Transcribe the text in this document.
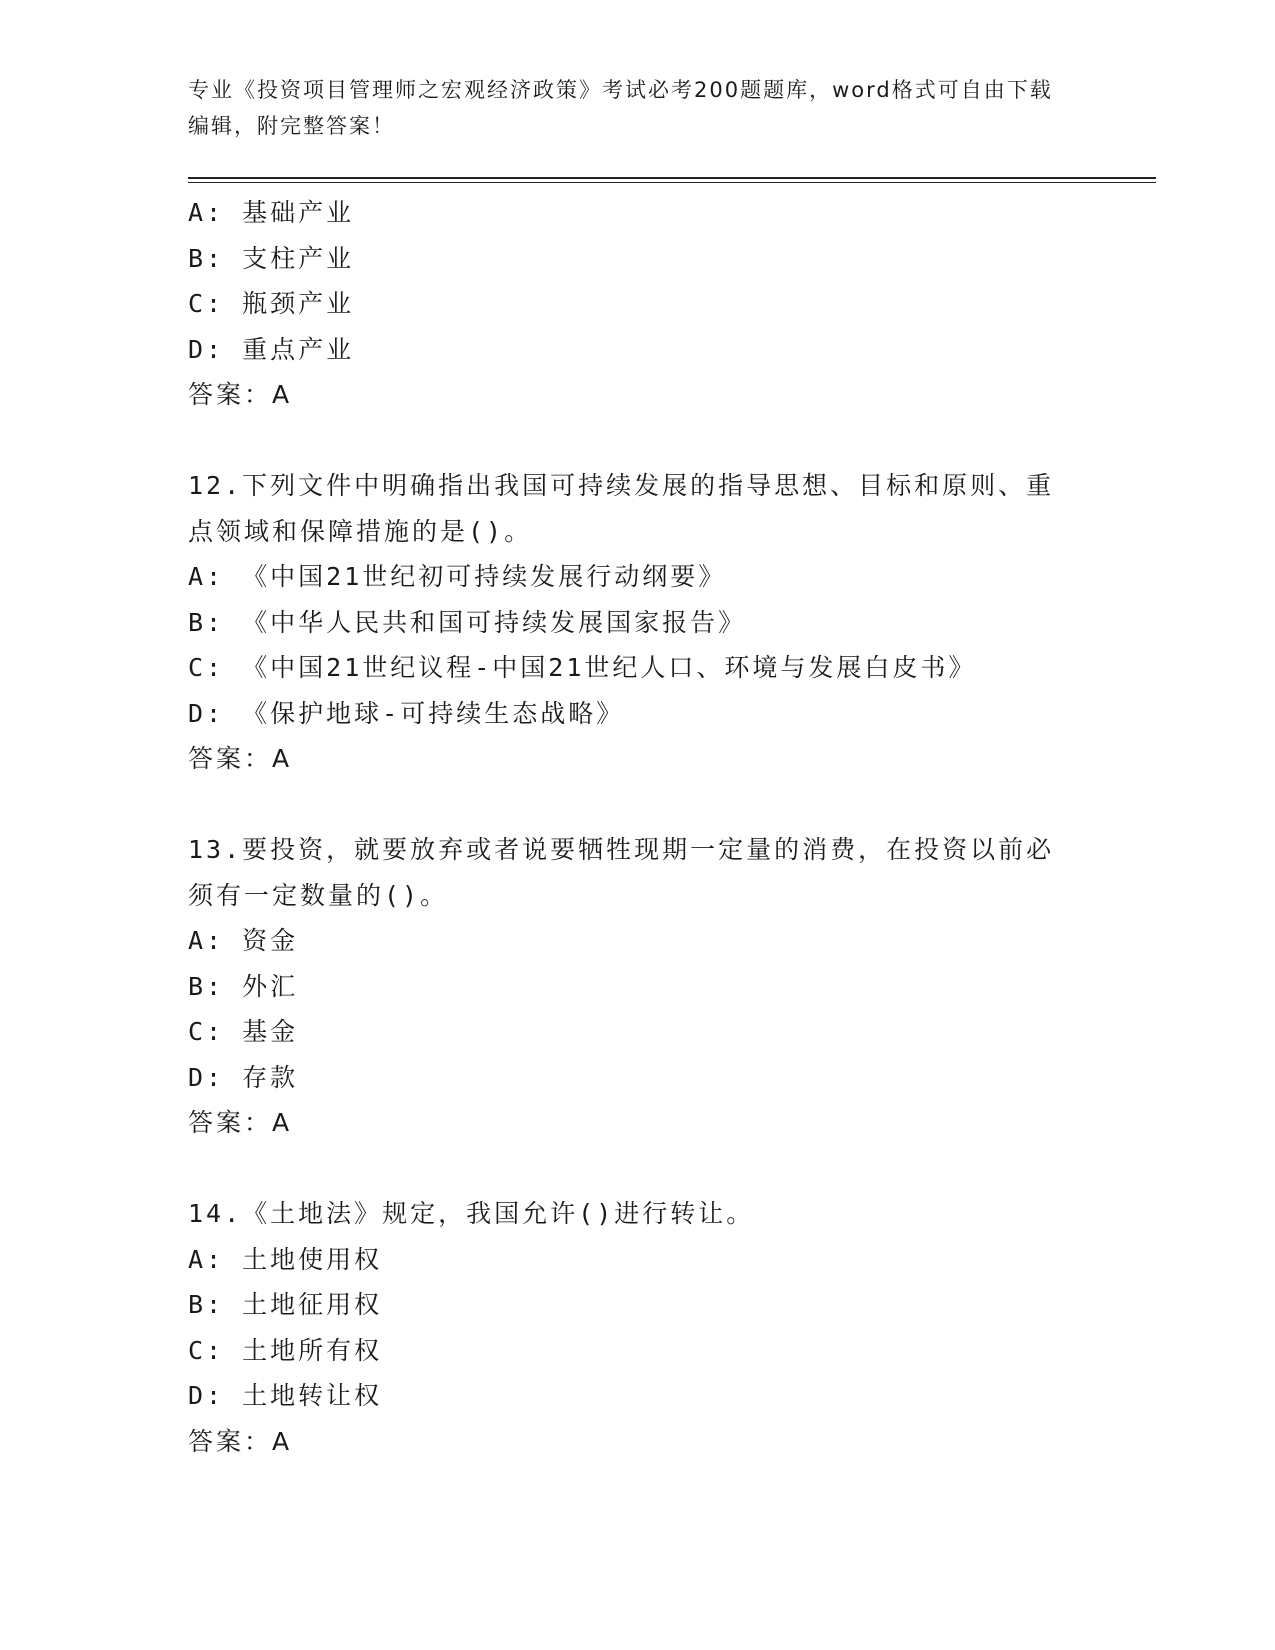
专业《投资项目管理师之宏观经济政策》考试必考200题题库，word格式可自由下载编辑，附完整答案！
A: 基础产业
B: 支柱产业
C: 瓶颈产业
D: 重点产业
答案：A
12.下列文件中明确指出我国可持续发展的指导思想、目标和原则、重
点领域和保障措施的是()。
A: 《中国21世纪初可持续发展行动纲要》
B: 《中华人民共和国可持续发展国家报告》
C: 《中国21世纪议程-中国21世纪人口、环境与发展白皮书》
D: 《保护地球-可持续生态战略》
答案：A
13.要投资，就要放弃或者说要牺牲现期一定量的消费，在投资以前必
须有一定数量的()。
A: 资金
B: 外汇
C: 基金
D: 存款
答案：A
14.《土地法》规定，我国允许()进行转让。
A: 土地使用权
B: 土地征用权
C: 土地所有权
D: 土地转让权
答案：A
